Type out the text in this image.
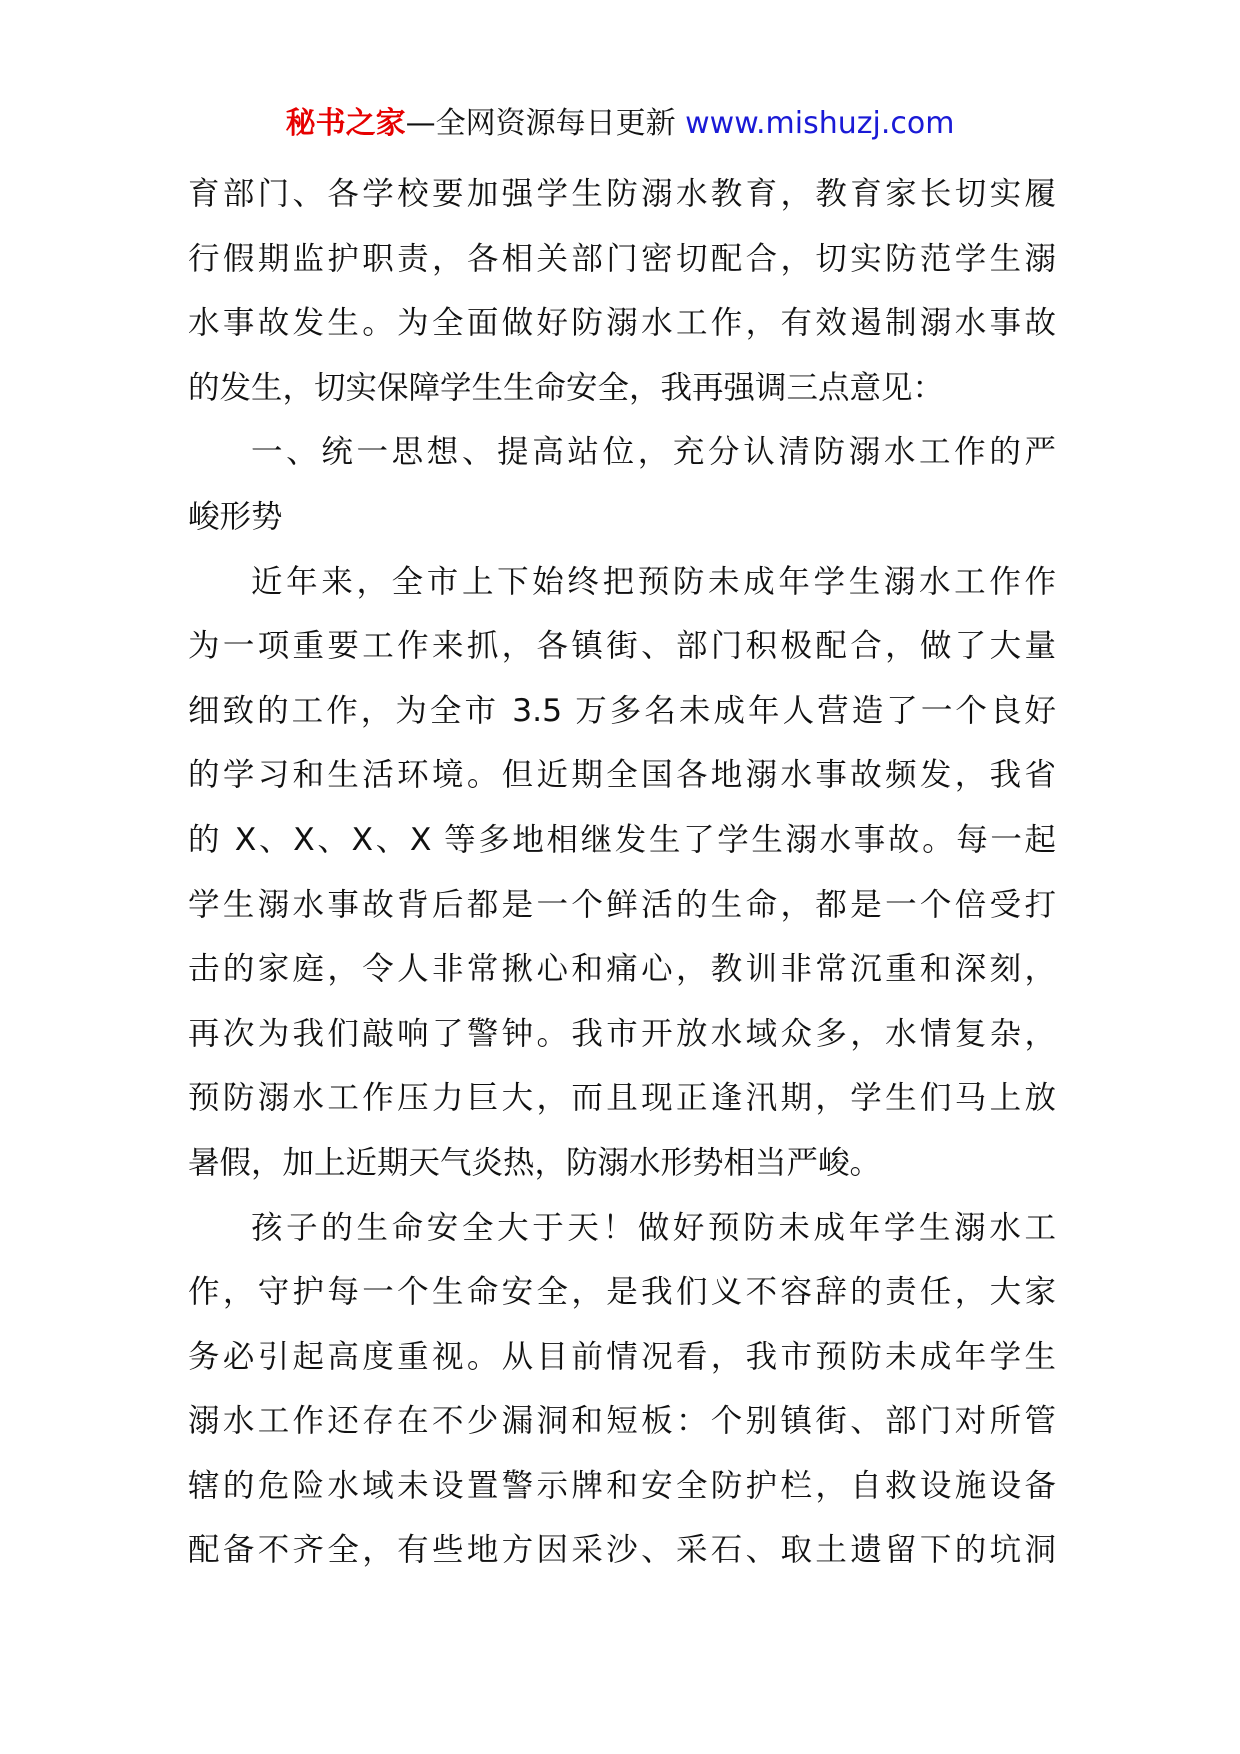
秘书之家—全网资源每日更新 www.mishuzj.com
育部门、各学校要加强学生防溺水教育，教育家长切实履
行假期监护职责，各相关部门密切配合，切实防范学生溺
水事故发生。为全面做好防溺水工作，有效遏制溺水事故
的发生，切实保障学生生命安全，我再强调三点意见：
一、统一思想、提高站位，充分认清防溺水工作的严
峻形势
近年来，全市上下始终把预防未成年学生溺水工作作
为一项重要工作来抓，各镇街、部门积极配合，做了大量
细致的工作，为全市 3.5 万多名未成年人营造了一个良好
的学习和生活环境。但近期全国各地溺水事故频发，我省
的 X、X、X、X 等多地相继发生了学生溺水事故。每一起
学生溺水事故背后都是一个鲜活的生命，都是一个倍受打
击的家庭，令人非常揪心和痛心，教训非常沉重和深刻，
再次为我们敲响了警钟。我市开放水域众多，水情复杂，
预防溺水工作压力巨大，而且现正逢汛期，学生们马上放
暑假，加上近期天气炎热，防溺水形势相当严峻。
孩子的生命安全大于天！做好预防未成年学生溺水工
作，守护每一个生命安全，是我们义不容辞的责任，大家
务必引起高度重视。从目前情况看，我市预防未成年学生
溺水工作还存在不少漏洞和短板：个别镇街、部门对所管
辖的危险水域未设置警示牌和安全防护栏，自救设施设备
配备不齐全，有些地方因采沙、采石、取土遗留下的坑洞
